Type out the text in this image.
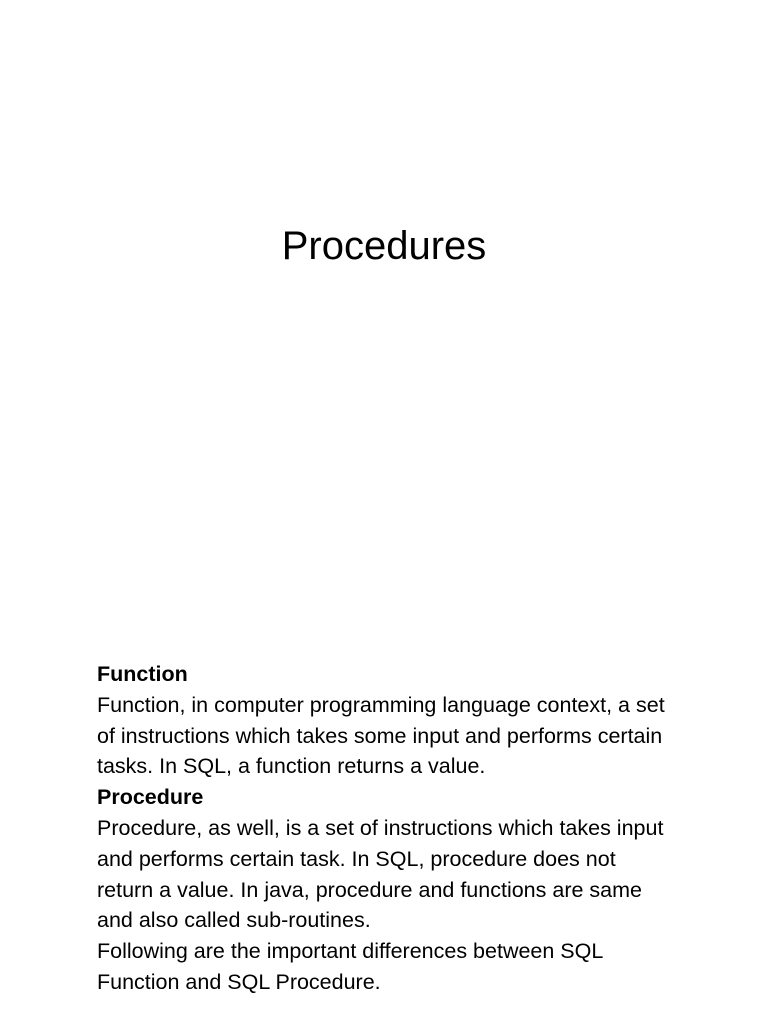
Procedures

Function

Function, in computer programming language context, a set of instructions which takes some input and performs certain tasks. In SQL, a function returns a value.

Procedure

Procedure, as well, is a set of instructions which takes input and performs certain task. In SQL, procedure does not return a value. In java, procedure and functions are same and also called sub-routines.

Following are the important differences between SQL Function and SQL Procedure.
